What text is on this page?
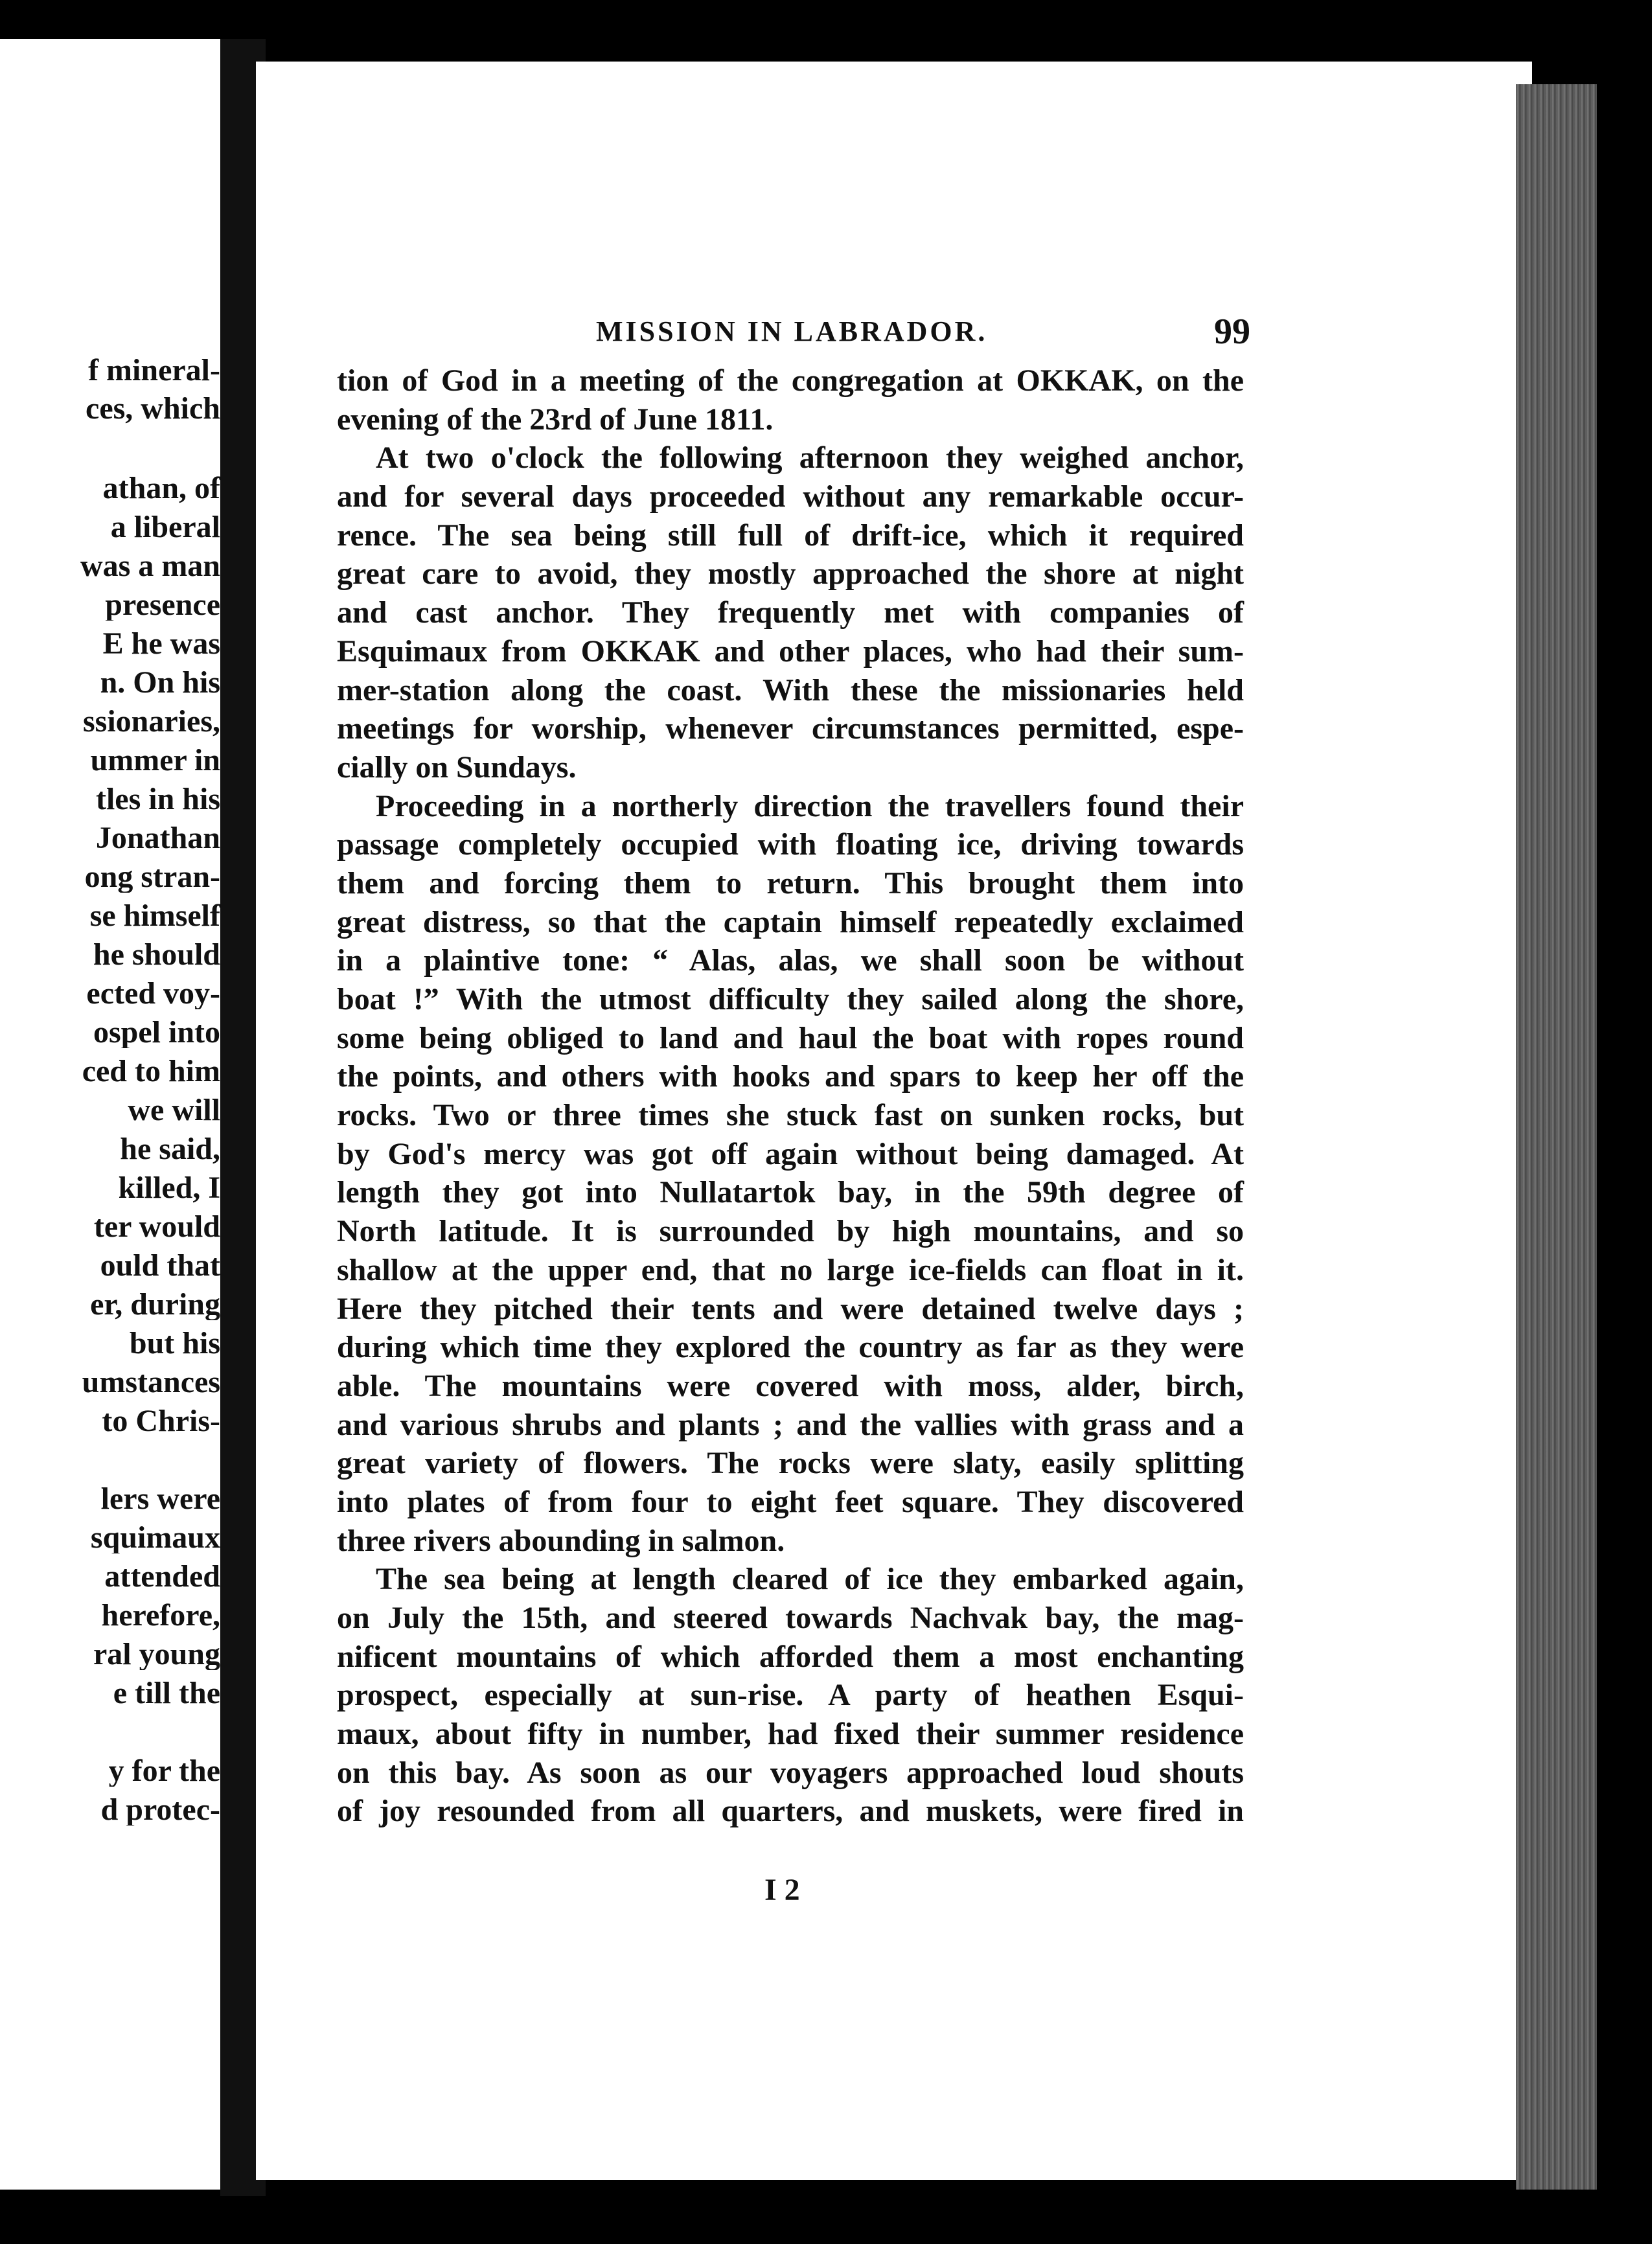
f mineral-
ces, which
athan, of
a liberal
was a man
presence
E he was
n. On his
ssionaries,
ummer in
tles in his
Jonathan
ong stran-
se himself
he should
ected voy-
ospel into
ced to him
we will
he said,
killed, I
ter would
ould that
er, during
but his
umstances
to Chris-
lers were
squimaux
attended
herefore,
ral young
e till the
y for the
d protec-
MISSION IN LABRADOR.	99
tion of God in a meeting of the congregation at OKKAK, on the
evening of the 23rd of June 1811.
At two o'clock the following afternoon they weighed anchor,
and for several days proceeded without any remarkable occur-
rence. The sea being still full of drift-ice, which it required
great care to avoid, they mostly approached the shore at night
and cast anchor. They frequently met with companies of
Esquimaux from OKKAK and other places, who had their sum-
mer-station along the coast. With these the missionaries held
meetings for worship, whenever circumstances permitted, espe-
cially on Sundays.
Proceeding in a northerly direction the travellers found their
passage completely occupied with floating ice, driving towards
them and forcing them to return. This brought them into
great distress, so that the captain himself repeatedly exclaimed
in a plaintive tone: “ Alas, alas, we shall soon be without
boat !” With the utmost difficulty they sailed along the shore,
some being obliged to land and haul the boat with ropes round
the points, and others with hooks and spars to keep her off the
rocks. Two or three times she stuck fast on sunken rocks, but
by God's mercy was got off again without being damaged. At
length they got into Nullatartok bay, in the 59th degree of
North latitude. It is surrounded by high mountains, and so
shallow at the upper end, that no large ice-fields can float in it.
Here they pitched their tents and were detained twelve days ;
during which time they explored the country as far as they were
able. The mountains were covered with moss, alder, birch,
and various shrubs and plants ; and the vallies with grass and a
great variety of flowers. The rocks were slaty, easily splitting
into plates of from four to eight feet square. They discovered
three rivers abounding in salmon.
The sea being at length cleared of ice they embarked again,
on July the 15th, and steered towards Nachvak bay, the mag-
nificent mountains of which afforded them a most enchanting
prospect, especially at sun-rise. A party of heathen Esqui-
maux, about fifty in number, had fixed their summer residence
on this bay. As soon as our voyagers approached loud shouts
of joy resounded from all quarters, and muskets, were fired in
I 2
